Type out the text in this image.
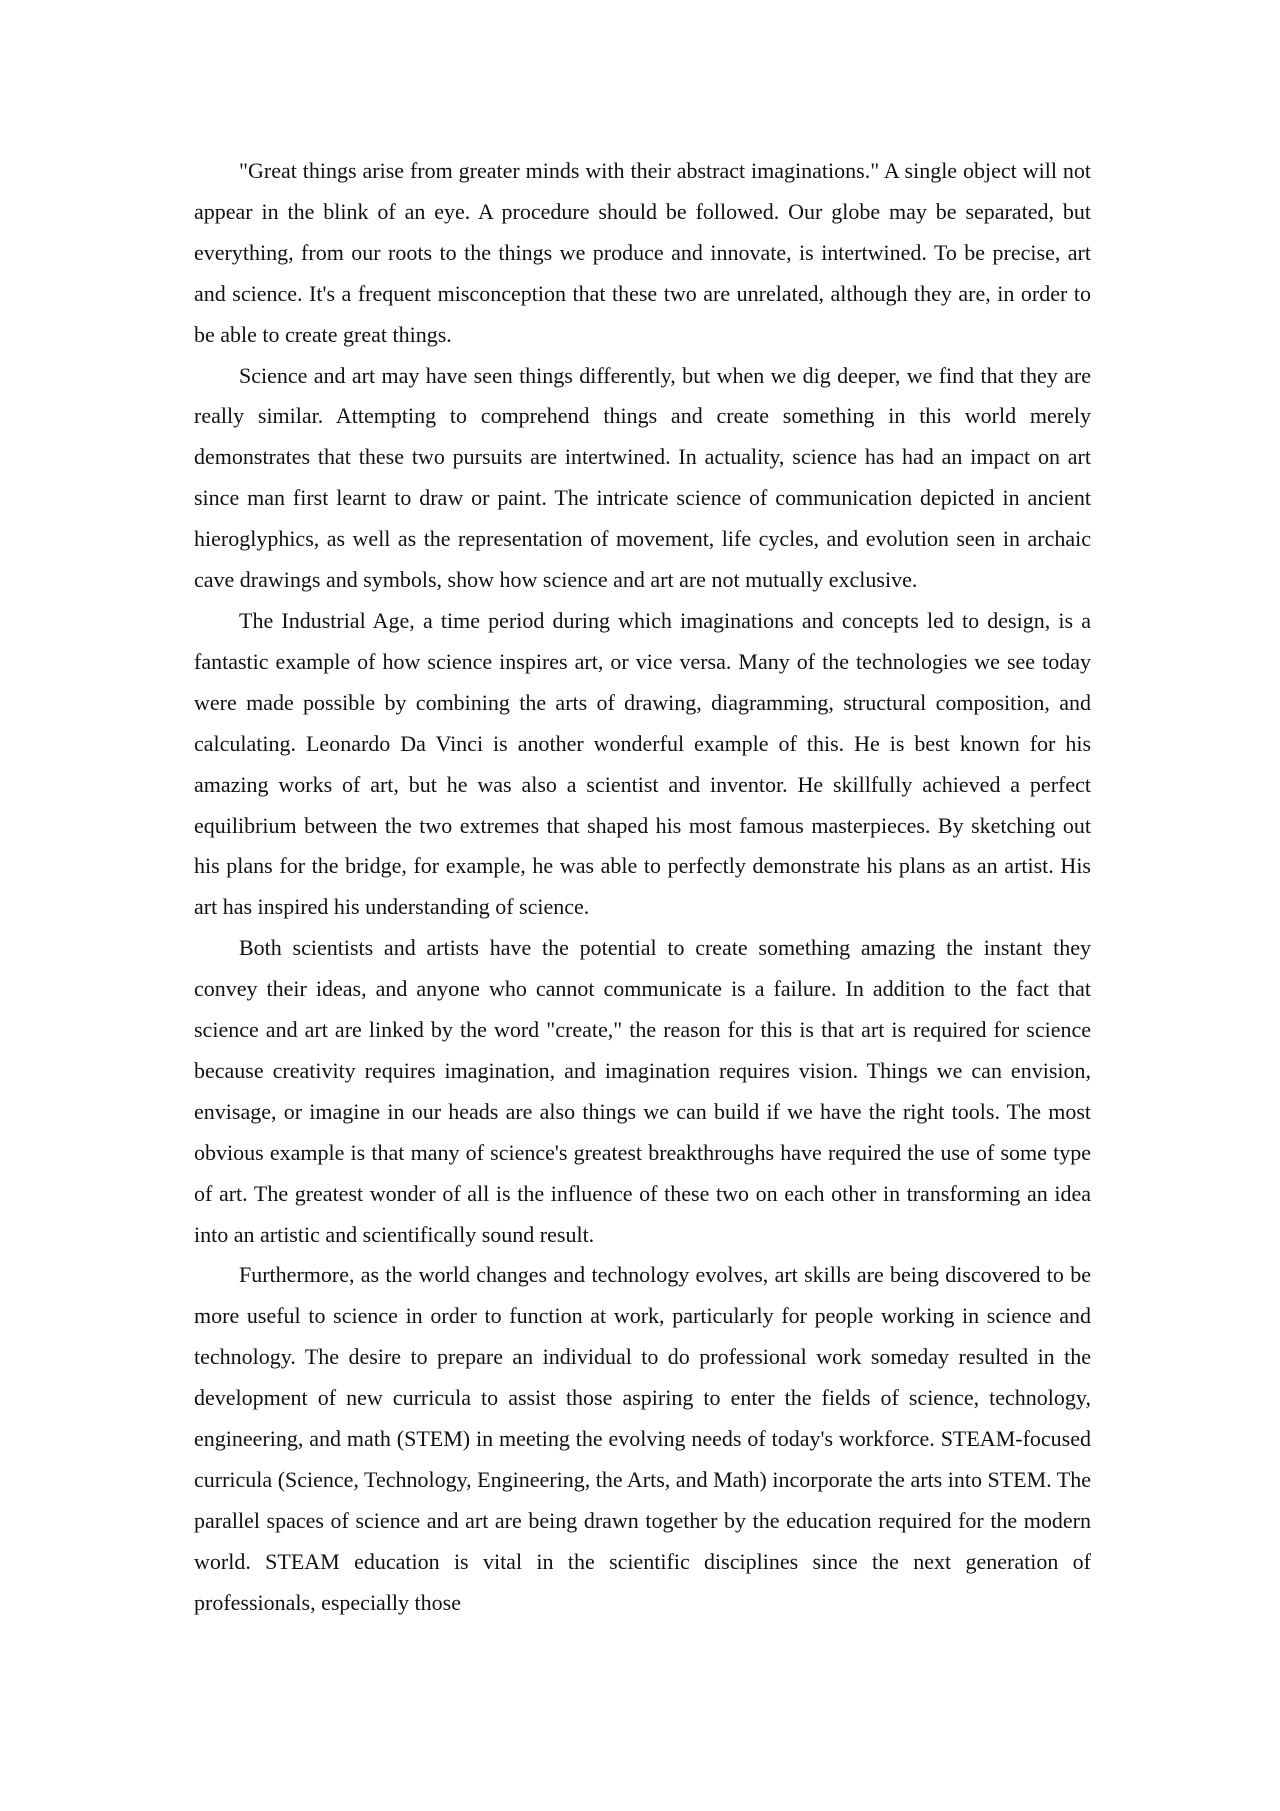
"Great things arise from greater minds with their abstract imaginations." A single object will not appear in the blink of an eye. A procedure should be followed. Our globe may be separated, but everything, from our roots to the things we produce and innovate, is intertwined. To be precise, art and science. It's a frequent misconception that these two are unrelated, although they are, in order to be able to create great things.

Science and art may have seen things differently, but when we dig deeper, we find that they are really similar. Attempting to comprehend things and create something in this world merely demonstrates that these two pursuits are intertwined. In actuality, science has had an impact on art since man first learnt to draw or paint. The intricate science of communication depicted in ancient hieroglyphics, as well as the representation of movement, life cycles, and evolution seen in archaic cave drawings and symbols, show how science and art are not mutually exclusive.

The Industrial Age, a time period during which imaginations and concepts led to design, is a fantastic example of how science inspires art, or vice versa. Many of the technologies we see today were made possible by combining the arts of drawing, diagramming, structural composition, and calculating. Leonardo Da Vinci is another wonderful example of this. He is best known for his amazing works of art, but he was also a scientist and inventor. He skillfully achieved a perfect equilibrium between the two extremes that shaped his most famous masterpieces. By sketching out his plans for the bridge, for example, he was able to perfectly demonstrate his plans as an artist. His art has inspired his understanding of science.

Both scientists and artists have the potential to create something amazing the instant they convey their ideas, and anyone who cannot communicate is a failure. In addition to the fact that science and art are linked by the word "create," the reason for this is that art is required for science because creativity requires imagination, and imagination requires vision. Things we can envision, envisage, or imagine in our heads are also things we can build if we have the right tools. The most obvious example is that many of science's greatest breakthroughs have required the use of some type of art. The greatest wonder of all is the influence of these two on each other in transforming an idea into an artistic and scientifically sound result.

Furthermore, as the world changes and technology evolves, art skills are being discovered to be more useful to science in order to function at work, particularly for people working in science and technology. The desire to prepare an individual to do professional work someday resulted in the development of new curricula to assist those aspiring to enter the fields of science, technology, engineering, and math (STEM) in meeting the evolving needs of today's workforce. STEAM-focused curricula (Science, Technology, Engineering, the Arts, and Math) incorporate the arts into STEM. The parallel spaces of science and art are being drawn together by the education required for the modern world. STEAM education is vital in the scientific disciplines since the next generation of professionals, especially those
